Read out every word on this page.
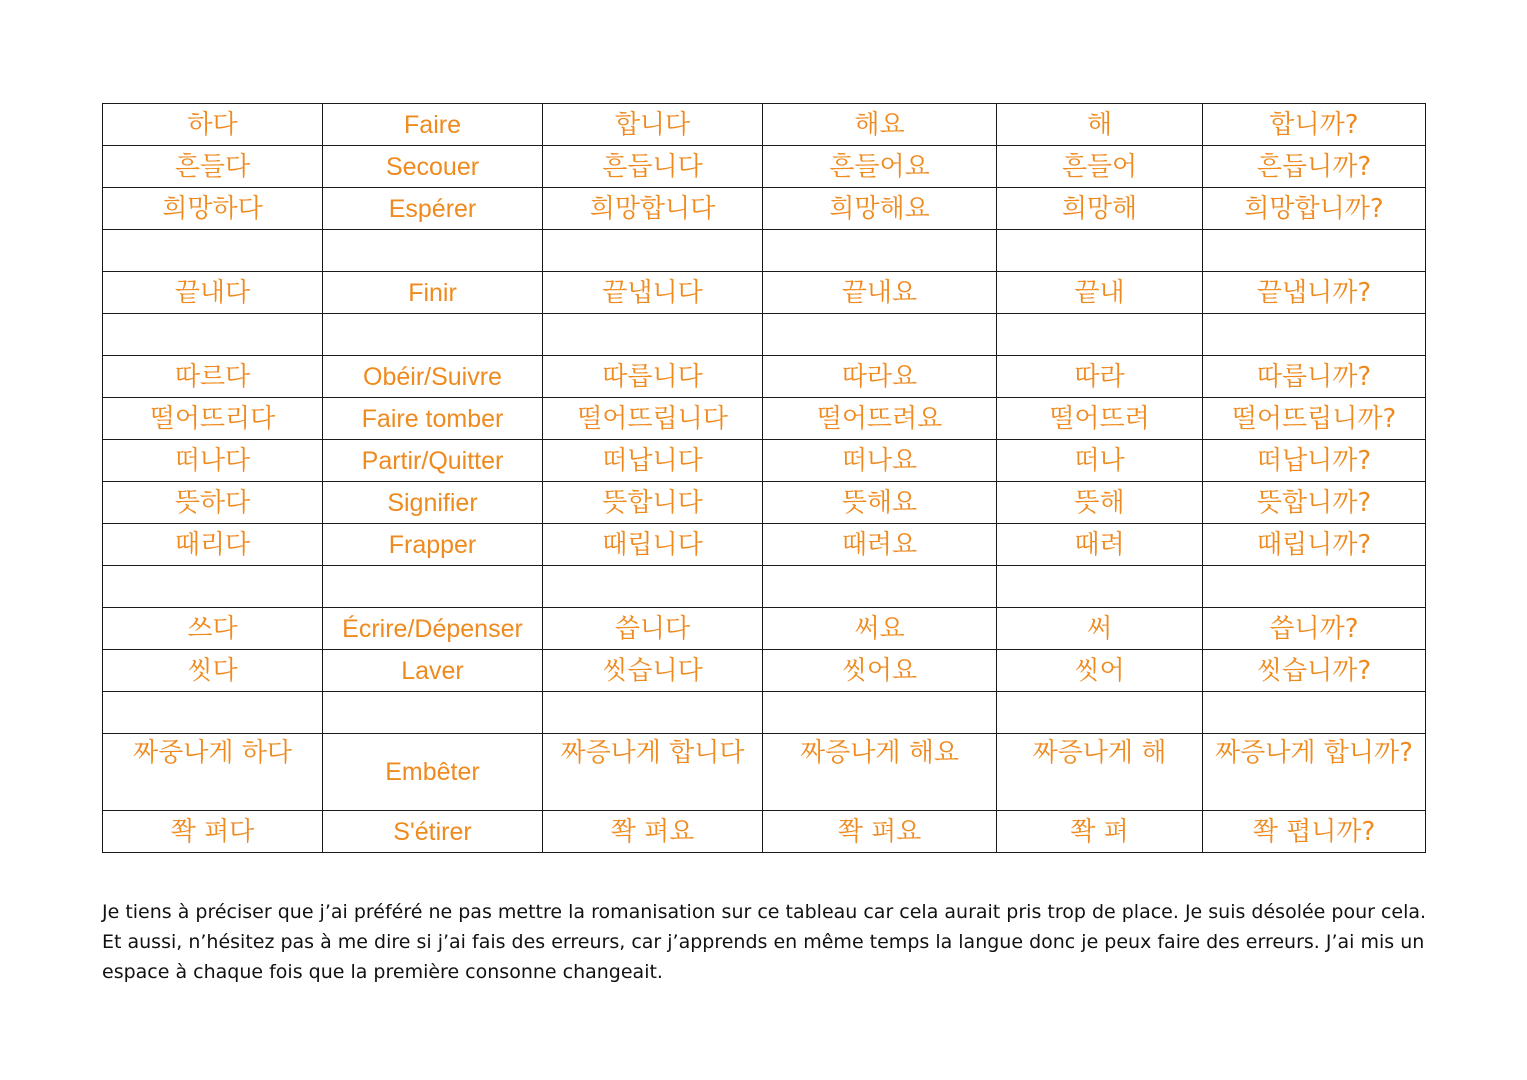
하다	Faire	합니다	해요	해	합니까?
흔들다	Secouer	흔듭니다	흔들어요	흔들어	흔듭니까?
희망하다	Espérer	희망합니다	희망해요	희망해	희망합니까?

끝내다	Finir	끝냅니다	끝내요	끝내	끝냅니까?

따르다	Obéir/Suivre	따릅니다	따라요	따라	따릅니까?
떨어뜨리다	Faire tomber	떨어뜨립니다	떨어뜨려요	떨어뜨려	떨어뜨립니까?
떠나다	Partir/Quitter	떠납니다	떠나요	떠나	떠납니까?
뜻하다	Signifier	뜻합니다	뜻해요	뜻해	뜻합니까?
때리다	Frapper	때립니다	때려요	때려	때립니까?

쓰다	Écrire/Dépenser	씁니다	써요	써	씁니까?
씻다	Laver	씻습니다	씻어요	씻어	씻습니까?

짜중나게 하다	Embêter	짜증나게 합니다	짜증나게 해요	짜증나게 해	짜증나게 합니까?
쫙 펴다	S'étirer	쫙 펴요	쫙 펴요	쫙 펴	쫙 폅니까?

Je tiens à préciser que j’ai préféré ne pas mettre la romanisation sur ce tableau car cela aurait pris trop de place. Je suis désolée pour cela. Et aussi, n’hésitez pas à me dire si j’ai fais des erreurs, car j’apprends en même temps la langue donc je peux faire des erreurs. J’ai mis un espace à chaque fois que la première consonne changeait.
